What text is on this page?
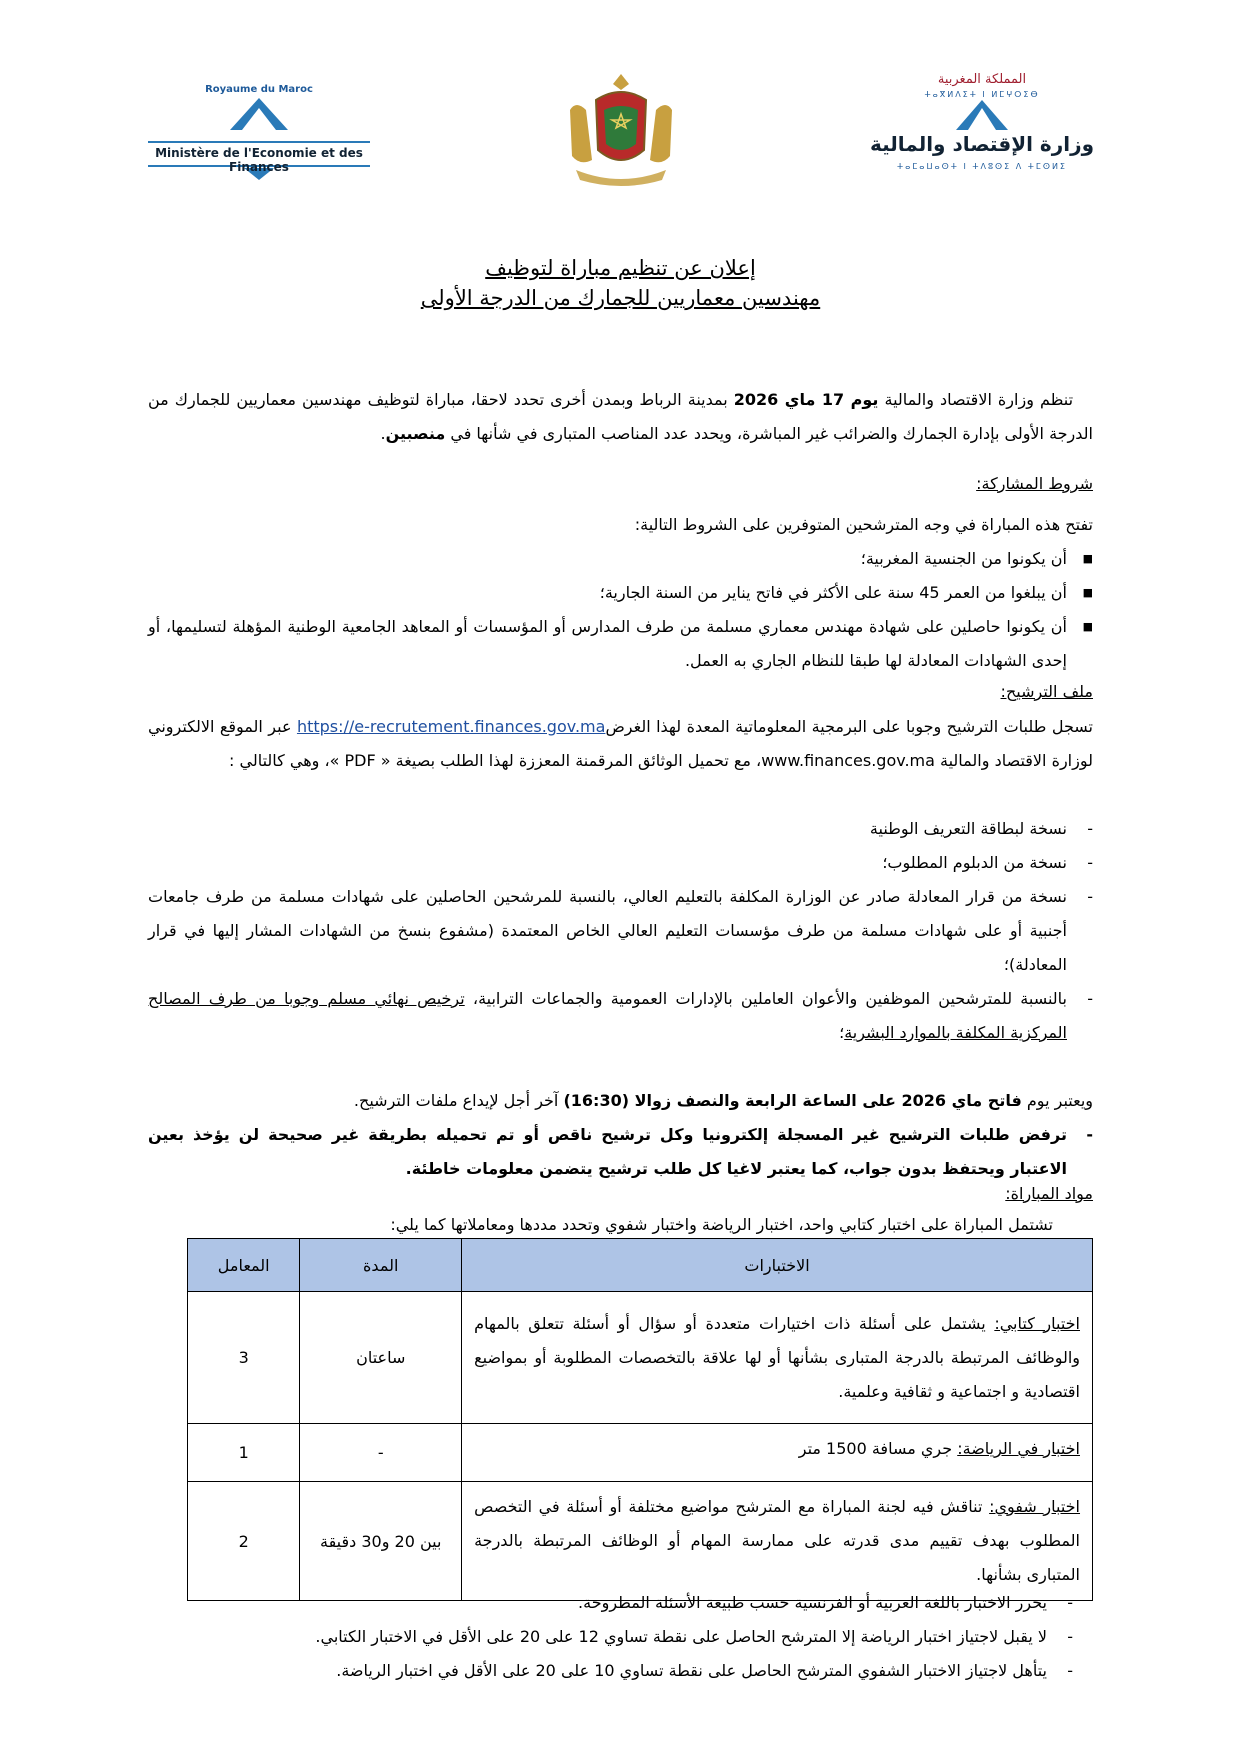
Royaume du Maroc
Ministère de l'Economie et des Finances
المملكة المغربية
ⵜⴰⴳⵍⴷⵉⵜ ⵏ ⵍⵎⵖⵔⵉⴱ
وزارة الإقتصاد والمالية
ⵜⴰⵎⴰⵡⴰⵙⵜ ⵏ ⵜⴷⵓⵙⵉ ⴷ ⵜⵎⵙⵍⵉ
إعلان عن تنظيم مباراة لتوظيف
مهندسين معماريين للجمارك من الدرجة الأولى
تنظم وزارة الاقتصاد والمالية يوم 17 ماي 2026 بمدينة الرباط وبمدن أخرى تحدد لاحقا، مباراة لتوظيف مهندسين معماريين للجمارك من الدرجة الأولى بإدارة الجمارك والضرائب غير المباشرة، ويحدد عدد المناصب المتبارى في شأنها في منصبين.
شروط المشاركة:
تفتح هذه المباراة في وجه المترشحين المتوفرين على الشروط التالية:
■
أن يكونوا من الجنسية المغربية؛
■
أن يبلغوا من العمر 45 سنة على الأكثر في فاتح يناير من السنة الجارية؛
■
أن يكونوا حاصلين على شهادة مهندس معماري مسلمة من طرف المدارس أو المؤسسات أو المعاهد الجامعية الوطنية المؤهلة لتسليمها، أو إحدى الشهادات المعادلة لها طبقا للنظام الجاري به العمل.
ملف الترشيح:
تسجل طلبات الترشيح وجوبا على البرمجية المعلوماتية المعدة لهذا الغرضhttps://e-recrutement.finances.gov.ma عبر الموقع الالكتروني لوزارة الاقتصاد والمالية www.finances.gov.ma، مع تحميل الوثائق المرقمنة المعززة لهذا الطلب بصيغة « PDF »، وهي كالتالي :
-
نسخة لبطاقة التعريف الوطنية
-
نسخة من الدبلوم المطلوب؛
-
نسخة من قرار المعادلة صادر عن الوزارة المكلفة بالتعليم العالي، بالنسبة للمرشحين الحاصلين على شهادات مسلمة من طرف جامعات أجنبية أو على شهادات مسلمة من طرف مؤسسات التعليم العالي الخاص المعتمدة (مشفوع بنسخ من الشهادات المشار إليها في قرار المعادلة)؛
-
بالنسبة للمترشحين الموظفين والأعوان العاملين بالإدارات العمومية والجماعات الترابية، ترخيص نهائي مسلم وجوبا من طرف المصالح المركزية المكلفة بالموارد البشرية؛
ويعتبر يوم فاتح ماي 2026 على الساعة الرابعة والنصف زوالا (16:30) آخر أجل لإيداع ملفات الترشيح.
-
ترفض طلبات الترشيح غير المسجلة إلكترونيا وكل ترشيح ناقص أو تم تحميله بطريقة غير صحيحة لن يؤخذ بعين الاعتبار ويحتفظ بدون جواب، كما يعتبر لاغيا كل طلب ترشيح يتضمن معلومات خاطئة.
مواد المباراة:
تشتمل المباراة على اختبار كتابي واحد، اختبار الرياضة واختبار شفوي وتحدد مددها ومعاملاتها كما يلي:
الاختبارات	المدة	المعامل
اختبار كتابي: يشتمل على أسئلة ذات اختيارات متعددة أو سؤال أو أسئلة تتعلق بالمهام والوظائف المرتبطة بالدرجة المتبارى بشأنها أو لها علاقة بالتخصصات المطلوبة أو بمواضيع اقتصادية و اجتماعية و ثقافية وعلمية.	ساعتان	3
اختبار في الرياضة: جري مسافة 1500 متر	-	1
اختبار شفوي: تناقش فيه لجنة المباراة مع المترشح مواضيع مختلفة أو أسئلة في التخصص المطلوب بهدف تقييم مدى قدرته على ممارسة المهام أو الوظائف المرتبطة بالدرجة المتبارى بشأنها.	بين 20 و30 دقيقة	2
-
يحرر الاختبار باللغة العربية أو الفرنسية حسب طبيعة الأسئلة المطروحة.
-
لا يقبل لاجتياز اختبار الرياضة إلا المترشح الحاصل على نقطة تساوي 12 على 20 على الأقل في الاختبار الكتابي.
-
يتأهل لاجتياز الاختبار الشفوي المترشح الحاصل على نقطة تساوي 10 على 20 على الأقل في اختبار الرياضة.
